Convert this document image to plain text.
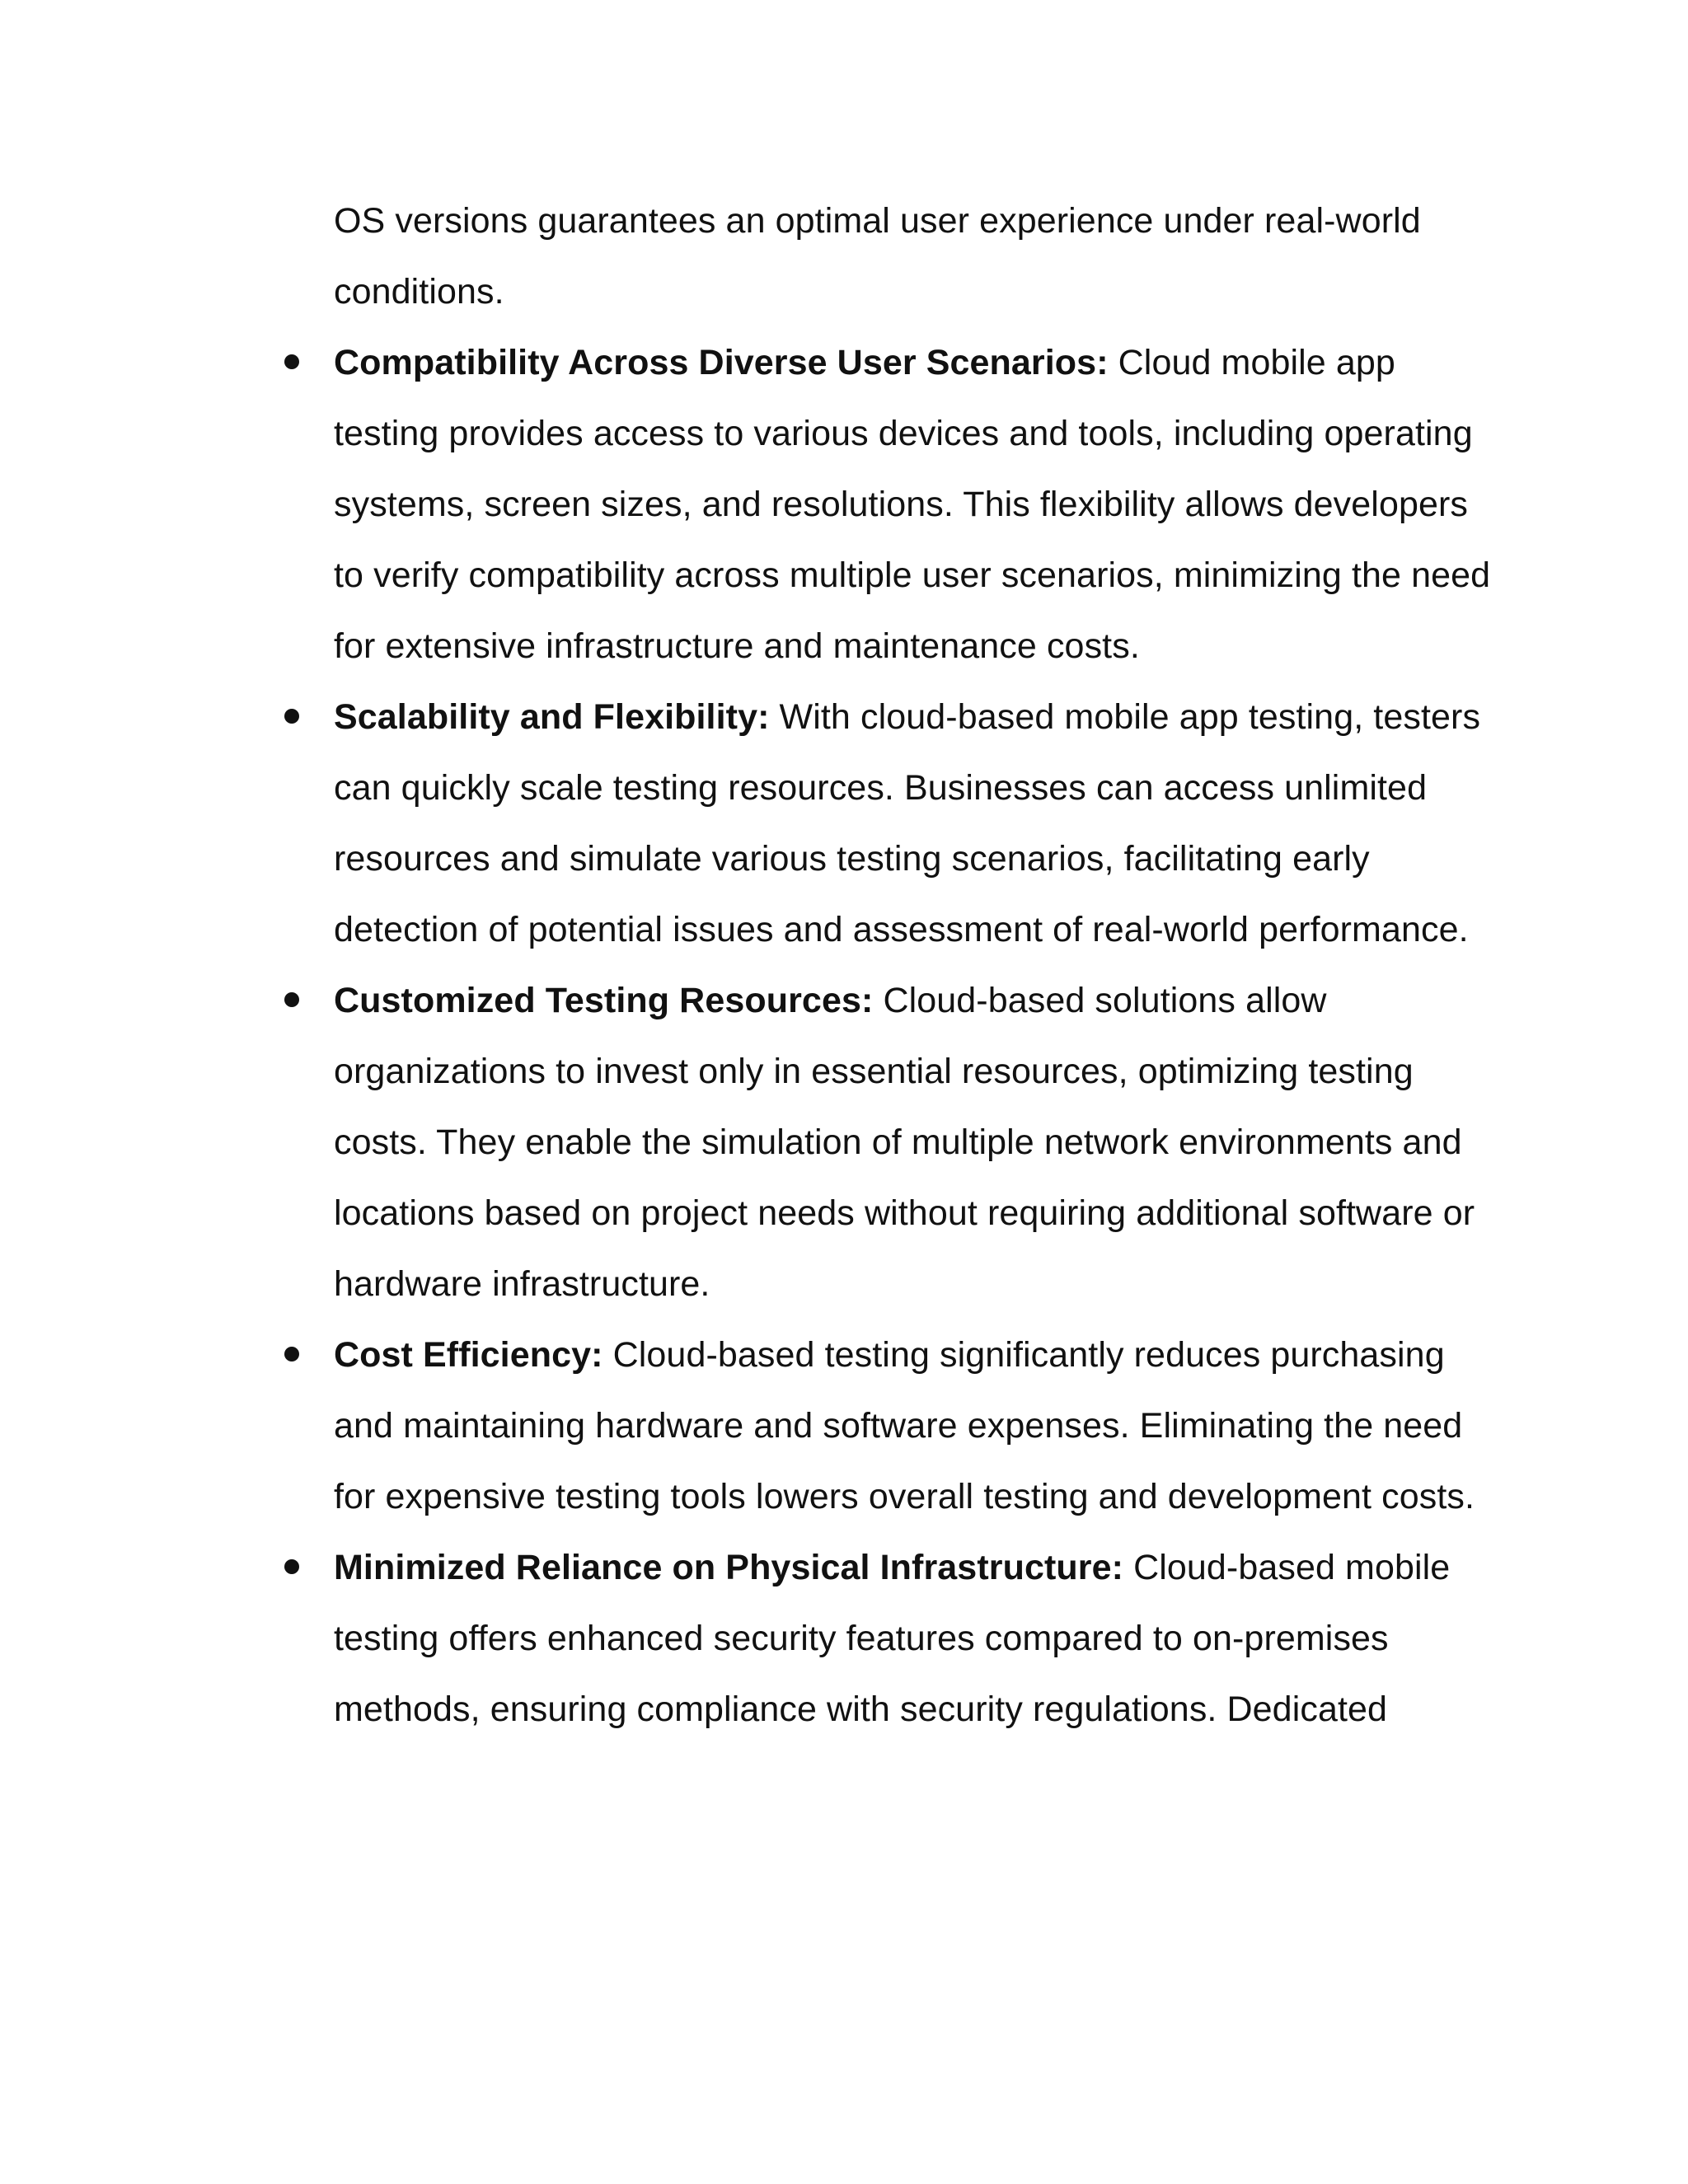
OS versions guarantees an optimal user experience under real-world conditions.

Compatibility Across Diverse User Scenarios: Cloud mobile app testing provides access to various devices and tools, including operating systems, screen sizes, and resolutions. This flexibility allows developers to verify compatibility across multiple user scenarios, minimizing the need for extensive infrastructure and maintenance costs.
Scalability and Flexibility: With cloud-based mobile app testing, testers can quickly scale testing resources. Businesses can access unlimited resources and simulate various testing scenarios, facilitating early detection of potential issues and assessment of real-world performance.
Customized Testing Resources: Cloud-based solutions allow organizations to invest only in essential resources, optimizing testing costs. They enable the simulation of multiple network environments and locations based on project needs without requiring additional software or hardware infrastructure.
Cost Efficiency: Cloud-based testing significantly reduces purchasing and maintaining hardware and software expenses. Eliminating the need for expensive testing tools lowers overall testing and development costs.
Minimized Reliance on Physical Infrastructure: Cloud-based mobile testing offers enhanced security features compared to on-premises methods, ensuring compliance with security regulations. Dedicated
